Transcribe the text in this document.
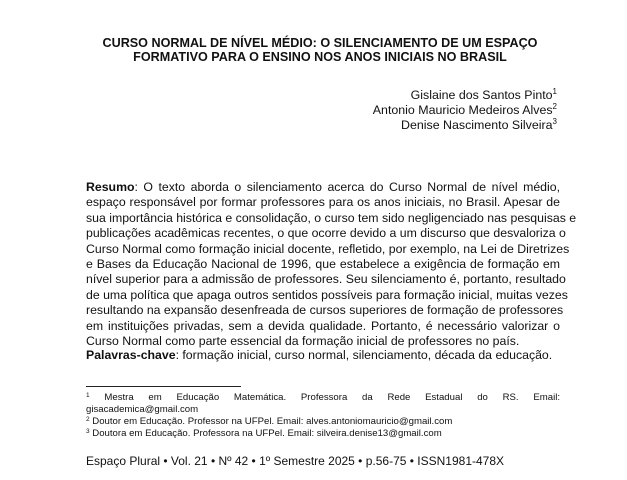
CURSO NORMAL DE NÍVEL MÉDIO: O SILENCIAMENTO DE UM ESPAÇO
FORMATIVO PARA O ENSINO NOS ANOS INICIAIS NO BRASIL
Gislaine dos Santos Pinto$^1$
Antonio Mauricio Medeiros Alves$^2$
Denise Nascimento Silveira$^3$
Resumo: O texto aborda o silenciamento acerca do Curso Normal de nível médio,
espaço responsável por formar professores para os anos iniciais, no Brasil. Apesar de
sua importância histórica e consolidação, o curso tem sido negligenciado nas pesquisas e
publicações acadêmicas recentes, o que ocorre devido a um discurso que desvaloriza o
Curso Normal como formação inicial docente, refletido, por exemplo, na Lei de Diretrizes
e Bases da Educação Nacional de 1996, que estabelece a exigência de formação em
nível superior para a admissão de professores. Seu silenciamento é, portanto, resultado
de uma política que apaga outros sentidos possíveis para formação inicial, muitas vezes
resultando na expansão desenfreada de cursos superiores de formação de professores
em instituições privadas, sem a devida qualidade. Portanto, é necessário valorizar o
Curso Normal como parte essencial da formação inicial de professores no país.
Palavras-chave: formação inicial, curso normal, silenciamento, década da educação.
$^1$ Mestra em Educação Matemática. Professora da Rede Estadual do RS. Email:
gisacademica@gmail.com
$^2$ Doutor em Educação. Professor na UFPel. Email: alves.antoniomauricio@gmail.com
$^3$ Doutora em Educação. Professora na UFPel. Email: silveira.denise13@gmail.com
Espaço Plural • Vol. 21 • Nº 42 • 1º Semestre 2025 • p.56-75 • ISSN1981-478X
